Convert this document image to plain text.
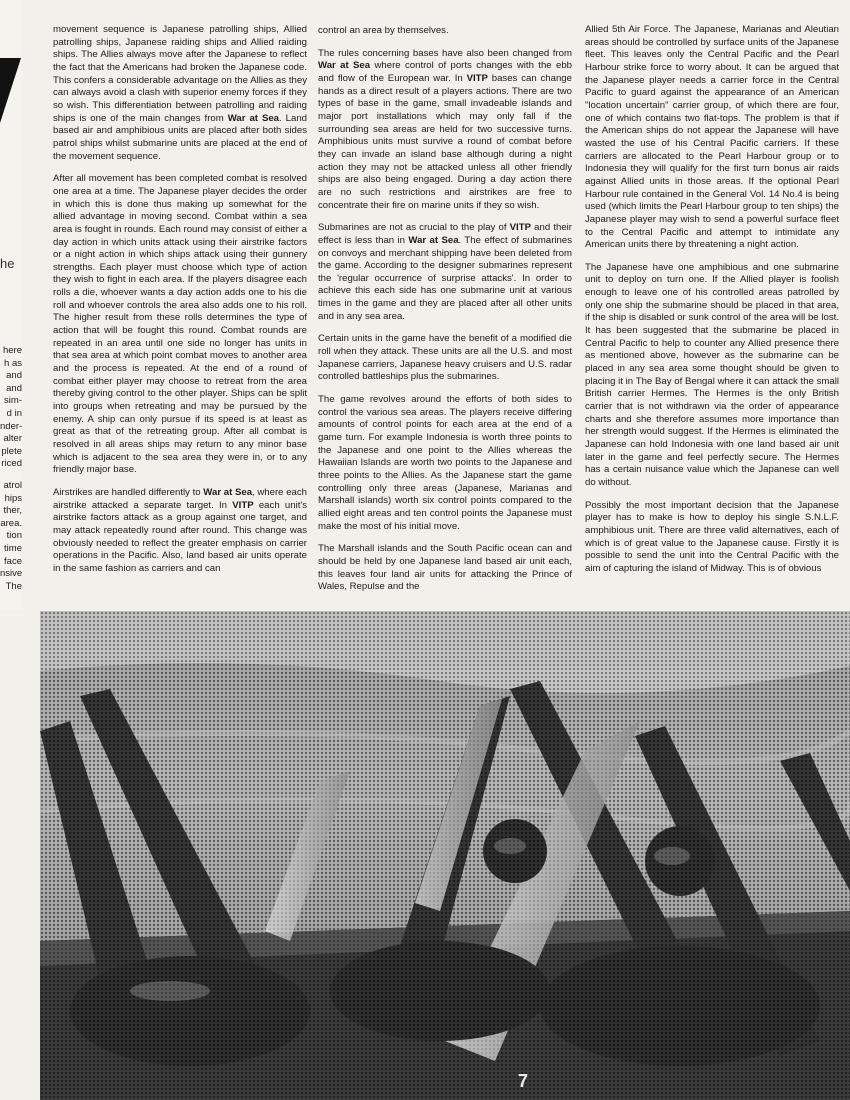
he
here
h as
and
and
sim-
d in
nder-
alter
plete
riced
atrol
hips
ther,
area.
tion
time
face
nsive
The

movement sequence is Japanese patrolling ships, Allied patrolling ships, Japanese raiding ships and Allied raiding ships. The Allies always move after the Japanese to reflect the fact that the Americans had broken the Japanese code. This confers a considerable advantage on the Allies as they can always avoid a clash with superior enemy forces if they so wish. This differentiation between patrolling and raiding ships is one of the main changes from War at Sea. Land based air and amphibious units are placed after both sides patrol ships whilst submarine units are placed at the end of the movement sequence.

After all movement has been completed combat is resolved one area at a time. The Japanese player decides the order in which this is done thus making up somewhat for the allied advantage in moving second. Combat within a sea area is fought in rounds. Each round may consist of either a day action in which units attack using their airstrike factors or a night action in which ships attack using their gunnery strengths. Each player must choose which type of action they wish to fight in each area. If the players disagree each rolls a die, whoever wants a day action adds one to his die roll and whoever controls the area also adds one to his roll. The higher result from these rolls determines the type of action that will be fought this round. Combat rounds are repeated in an area until one side no longer has units in that sea area at which point combat moves to another area and the process is repeated. At the end of a round of combat either player may choose to retreat from the area thereby giving control to the other player. Ships can be split into groups when retreating and may be pursued by the enemy. A ship can only pursue if its speed is at least as great as that of the retreating group. After all combat is resolved in all areas ships may return to any minor base which is adjacent to the sea area they were in, or to any friendly major base.

Airstrikes are handled differently to War at Sea, where each airstrike attacked a separate target. In VITP each unit's airstrike factors attack as a group against one target, and may attack repeatedly round after round. This change was obviously needed to reflect the greater emphasis on carrier operations in the Pacific. Also, land based air units operate in the same fashion as carriers and can

control an area by themselves.

The rules concerning bases have also been changed from War at Sea where control of ports changes with the ebb and flow of the European war. In VITP bases can change hands as a direct result of a players actions. There are two types of base in the game, small invadeable islands and major port installations which may only fall if the surrounding sea areas are held for two successive turns. Amphibious units must survive a round of combat before they can invade an island base although during a night action they may not be attacked unless all other friendly ships are also being engaged. During a day action there are no such restrictions and airstrikes are free to concentrate their fire on marine units if they so wish.

Submarines are not as crucial to the play of VITP and their effect is less than in War at Sea. The effect of submarines on convoys and merchant shipping have been deleted from the game. According to the designer submarines represent the 'regular occurrence of surprise attacks'. In order to achieve this each side has one submarine unit at various times in the game and they are placed after all other units and in any sea area.

Certain units in the game have the benefit of a modified die roll when they attack. These units are all the U.S. and most Japanese carriers, Japanese heavy cruisers and U.S. radar controlled battleships plus the submarines.

The game revolves around the efforts of both sides to control the various sea areas. The players receive differing amounts of control points for each area at the end of a game turn. For example Indonesia is worth three points to the Japanese and one point to the Allies whereas the Hawaiian Islands are worth two points to the Japanese and three points to the Allies. As the Japanese start the game controlling only three areas (Japanese, Marianas and Marshall islands) worth six control points compared to the allied eight areas and ten control points the Japanese must make the most of his initial move.

The Marshall islands and the South Pacific ocean can and should be held by one Japanese land based air unit each, this leaves four land air units for attacking the Prince of Wales, Repulse and the

Allied 5th Air Force. The Japanese, Marianas and Aleutian areas should be controlled by surface units of the Japanese fleet. This leaves only the Central Pacific and the Pearl Harbour strike force to worry about. It can be argued that the Japanese player needs a carrier force in the Central Pacific to guard against the appearance of an American "location uncertain" carrier group, of which there are four, one of which contains two flat-tops. The problem is that if the American ships do not appear the Japanese will have wasted the use of his Central Pacific carriers. If these carriers are allocated to the Pearl Harbour group or to Indonesia they will qualify for the first turn bonus air raids against Allied units in those areas. If the optional Pearl Harbour rule contained in the General Vol. 14 No.4 is being used (which limits the Pearl Harbour group to ten ships) the Japanese player may wish to send a powerful surface fleet to the Central Pacific and attempt to intimidate any American units there by threatening a night action.

The Japanese have one amphibious and one submarine unit to deploy on turn one. If the Allied player is foolish enough to leave one of his controlled areas patrolled by only one ship the submarine should be placed in that area, if the ship is disabled or sunk control of the area will be lost. It has been suggested that the submarine be placed in Central Pacific to help to counter any Allied presence there as mentioned above, however as the submarine can be placed in any sea area some thought should be given to placing it in The Bay of Bengal where it can attack the small British carrier Hermes. The Hermes is the only British carrier that is not withdrawn via the order of appearance charts and she therefore assumes more importance than her strength would suggest. If the Hermes is eliminated the Japanese can hold Indonesia with one land based air unit later in the game and feel perfectly secure. The Hermes has a certain nuisance value which the Japanese can well do without.

Possibly the most important decision that the Japanese player has to make is how to deploy his single S.N.L.F. amphibious unit. There are three valid alternatives, each of which is of great value to the Japanese cause. Firstly it is possible to send the unit into the Central Pacific with the aim of capturing the island of Midway. This is of obvious

7
